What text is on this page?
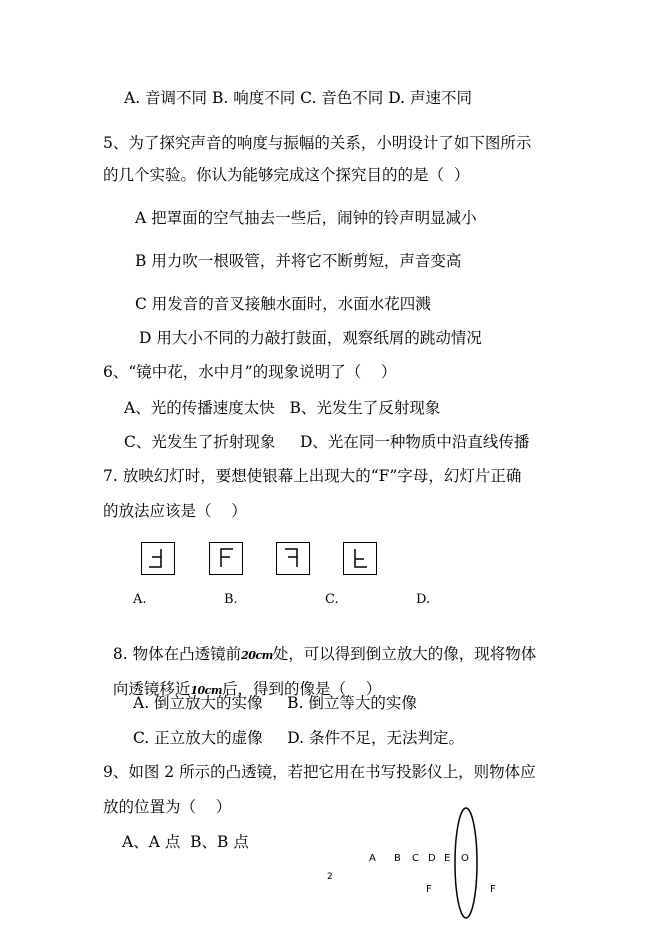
A. 音调不同 B. 响度不同 C. 音色不同 D. 声速不同
5、为了探究声音的响度与振幅的关系，小明设计了如下图所示
的几个实验。你认为能够完成这个探究目的的是（  ）
A 把罩面的空气抽去一些后，闹钟的铃声明显减小
B 用力吹一根吸管，并将它不断剪短，声音变高
C 用发音的音叉接触水面时，水面水花四溅
D 用大小不同的力敲打鼓面，观察纸屑的跳动情况
6、“镜中花，水中月”的现象说明了（    ）
A、光的传播速度太快   B、光发生了反射现象
C、光发生了折射现象     D、光在同一种物质中沿直线传播
7. 放映幻灯时，要想使银幕上出现大的“F”字母，幻灯片正确
的放法应该是（    ）
A.	B.	C.	D.

8. 物体在凸透镜前20cm处，可以得到倒立放大的像，现将物体

向透镜移近10cm后，得到的像是（    ）

A. 倒立放大的实像     B. 倒立等大的实像
C. 正立放大的虚像     D. 条件不足，无法判定。
9、如图 2 所示的凸透镜，若把它用在书写投影仪上，则物体应
放的位置为（    ）
A、A 点  B、B 点
A B C D E O
2
F	F
